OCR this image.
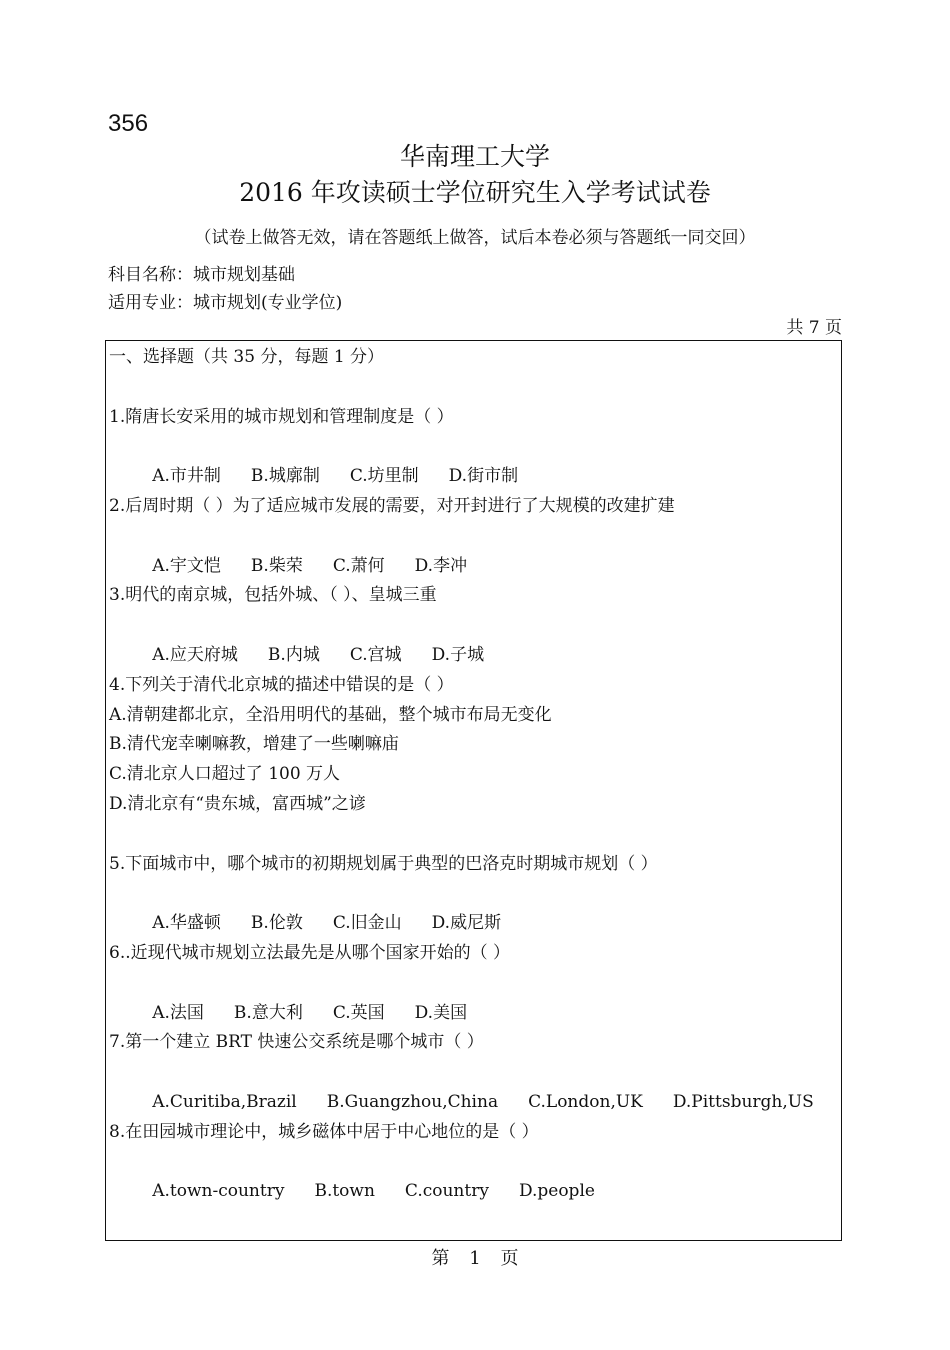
356
华南理工大学
2016 年攻读硕士学位研究生入学考试试卷
（试卷上做答无效，请在答题纸上做答，试后本卷必须与答题纸一同交回）
科目名称：城市规划基础
适用专业：城市规划(专业学位)
共 7 页
一、选择题（共 35 分，每题 1 分）
1.隋唐长安采用的城市规划和管理制度是（ ）

A.市井制 B.城廓制 C.坊里制 D.街市制

2.后周时期（ ）为了适应城市发展的需要，对开封进行了大规模的改建扩建

A.宇文恺 B.柴荣 C.萧何 D.李冲

3.明代的南京城，包括外城、（ ）、皇城三重

A.应天府城 B.内城 C.宫城 D.子城

4.下列关于清代北京城的描述中错误的是（ ）
A.清朝建都北京，全沿用明代的基础，整个城市布局无变化
B.清代宠幸喇嘛教，增建了一些喇嘛庙
C.清北京人口超过了 100 万人
D.清北京有“贵东城，富西城”之谚
5.下面城市中，哪个城市的初期规划属于典型的巴洛克时期城市规划（ ）

A.华盛顿 B.伦敦 C.旧金山 D.威尼斯

6..近现代城市规划立法最先是从哪个国家开始的（ ）

A.法国 B.意大利 C.英国 D.美国

7.第一个建立 BRT 快速公交系统是哪个城市（ ）

A.Curitiba,Brazil B.Guangzhou,China C.London,UK D.Pittsburgh,US

8.在田园城市理论中，城乡磁体中居于中心地位的是（ ）

A.town-country B.town C.country D.people

第 1 页
